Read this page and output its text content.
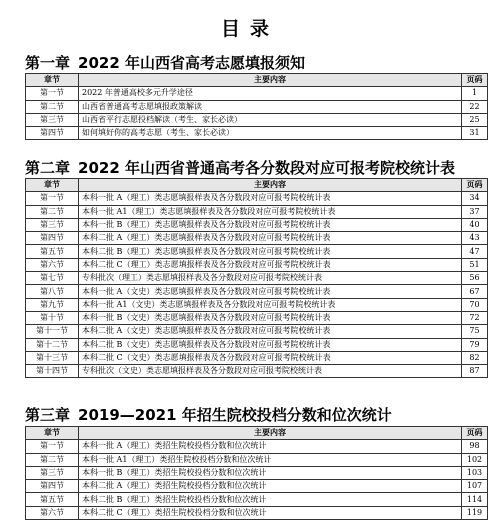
目录
第一章 2022 年山西省高考志愿填报须知
章节	主要内容	页码
第一节	2022 年普通高校多元升学途径	1
第二节	山西省普通高考志愿填报政策解读	22
第三节	山西省平行志愿投档解读（考生、家长必读）	25
第四节	如何填好你的高考志愿（考生、家长必读）	31
第二章 2022 年山西省普通高考各分数段对应可报考院校统计表
章节	主要内容	页码
第一节	本科一批 A（理工）类志愿填报样表及各分数段对应可报考院校统计表	34
第二节	本科一批 A1（理工）类志愿填报样表及各分数段对应可报考院校统计表	37
第三节	本科一批 B（理工）类志愿填报样表及各分数段对应可报考院校统计表	40
第四节	本科二批 A（理工）类志愿填报样表及各分数段对应可报考院校统计表	43
第五节	本科二批 B（理工）类志愿填报样表及各分数段对应可报考院校统计表	47
第六节	本科二批 C（理工）类志愿填报样表及各分数段对应可报考院校统计表	51
第七节	专科批次（理工）类志愿填报样表及各分数段对应可报考院校统计表	56
第八节	本科一批 A（文史）类志愿填报样表及各分数段对应可报考院校统计表	67
第九节	本科一批 A1（文史）类志愿填报样表及各分数段对应可报考院校统计表	70
第十节	本科一批 B（文史）类志愿填报样表及各分数段对应可报考院校统计表	72
第十一节	本科二批 A（文史）类志愿填报样表及各分数段对应可报考院校统计表	75
第十二节	本科二批 B（文史）类志愿填报样表及各分数段对应可报考院校统计表	79
第十三节	本科二批 C（文史）类志愿填报样表及各分数段对应可报考院校统计表	82
第十四节	专科批次（文史）类志愿填报样表及各分数段对应可报考院校统计表	87
第三章 2019—2021 年招生院校投档分数和位次统计
章节	主要内容	页码
第一节	本科一批 A（理工）类招生院校投档分数和位次统计	98
第二节	本科一批 A1（理工）类招生院校投档分数和位次统计	102
第三节	本科一批 B（理工）类招生院校投档分数和位次统计	103
第四节	本科二批 A（理工）类招生院校投档分数和位次统计	107
第五节	本科二批 B（理工）类招生院校投档分数和位次统计	114
第六节	本科二批 C（理工）类招生院校投档分数和位次统计	119
